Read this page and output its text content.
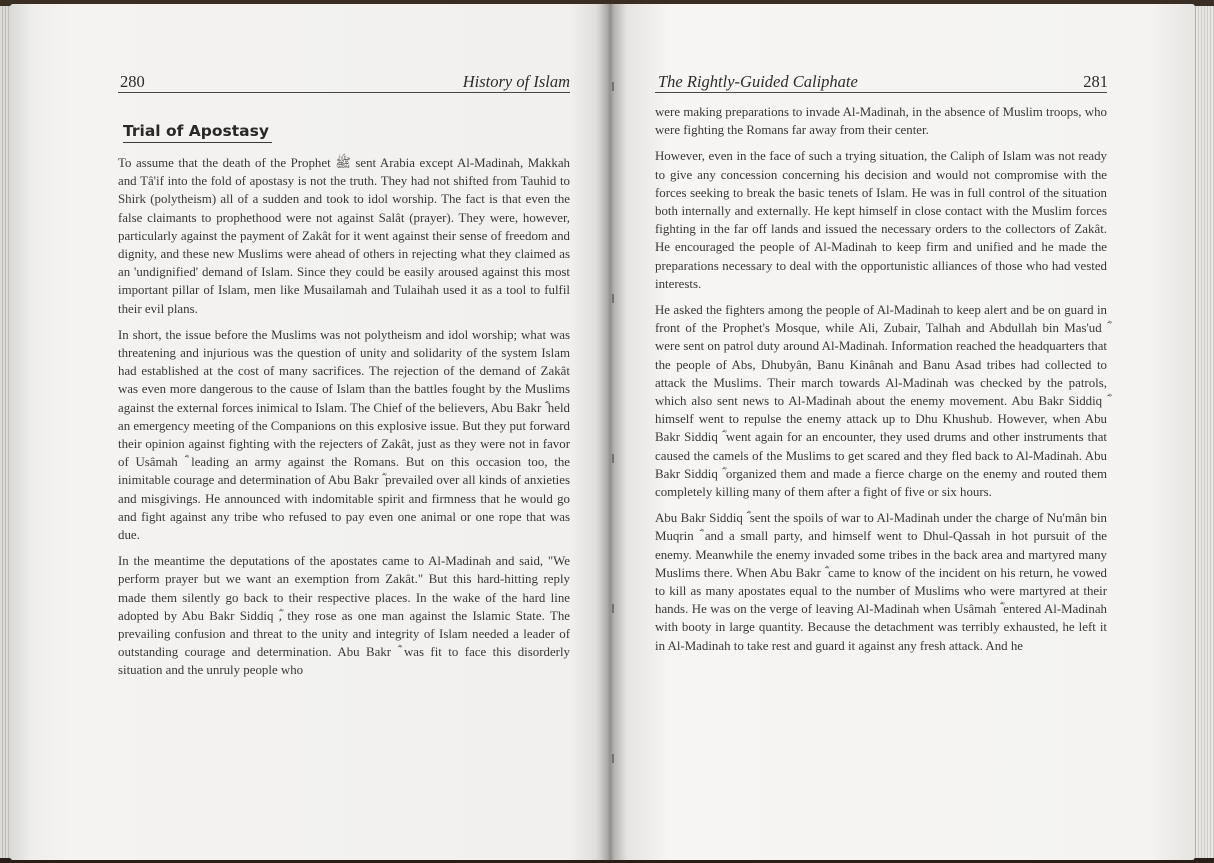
280	History of Islam
Trial of Apostasy

To assume that the death of the Prophet ﷺ sent Arabia except Al-Madinah, Makkah and Tâ'if into the fold of apostasy is not the truth. They had not shifted from Tauhid to Shirk (polytheism) all of a sudden and took to idol worship. The fact is that even the false claimants to prophethood were not against Salât (prayer). They were, however, particularly against the payment of Zakât for it went against their sense of freedom and dignity, and these new Muslims were ahead of others in rejecting what they claimed as an 'undignified' demand of Islam. Since they could be easily aroused against this most important pillar of Islam, men like Musailamah and Tulaihah used it as a tool to fulfil their evil plans.

In short, the issue before the Muslims was not polytheism and idol worship; what was threatening and injurious was the question of unity and solidarity of the system Islam had established at the cost of many sacrifices. The rejection of the demand of Zakât was even more dangerous to the cause of Islam than the battles fought by the Muslims against the external forces inimical to Islam. The Chief of the believers, Abu Bakr ؓ held an emergency meeting of the Companions on this explosive issue. But they put forward their opinion against fighting with the rejecters of Zakât, just as they were not in favor of Usâmah ؓ leading an army against the Romans. But on this occasion too, the inimitable courage and determination of Abu Bakr ؓ prevailed over all kinds of anxieties and misgivings. He announced with indomitable spirit and firmness that he would go and fight against any tribe who refused to pay even one animal or one rope that was due.

In the meantime the deputations of the apostates came to Al-Madinah and said, "We perform prayer but we want an exemption from Zakât." But this hard-hitting reply made them silently go back to their respective places. In the wake of the hard line adopted by Abu Bakr Siddiq ؓ, they rose as one man against the Islamic State. The prevailing confusion and threat to the unity and integrity of Islam needed a leader of outstanding courage and determination. Abu Bakr ؓ was fit to face this disorderly situation and the unruly people who

The Rightly-Guided Caliphate	281

were making preparations to invade Al-Madinah, in the absence of Muslim troops, who were fighting the Romans far away from their center.

However, even in the face of such a trying situation, the Caliph of Islam was not ready to give any concession concerning his decision and would not compromise with the forces seeking to break the basic tenets of Islam. He was in full control of the situation both internally and externally. He kept himself in close contact with the Muslim forces fighting in the far off lands and issued the necessary orders to the collectors of Zakât. He encouraged the people of Al-Madinah to keep firm and unified and he made the preparations necessary to deal with the opportunistic alliances of those who had vested interests.

He asked the fighters among the people of Al-Madinah to keep alert and be on guard in front of the Prophet's Mosque, while Ali, Zubair, Talhah and Abdullah bin Mas'ud ؓ were sent on patrol duty around Al-Madinah. Information reached the headquarters that the people of Abs, Dhubyân, Banu Kinânah and Banu Asad tribes had collected to attack the Muslims. Their march towards Al-Madinah was checked by the patrols, which also sent news to Al-Madinah about the enemy movement. Abu Bakr Siddiq ؓ himself went to repulse the enemy attack up to Dhu Khushub. However, when Abu Bakr Siddiq ؓ went again for an encounter, they used drums and other instruments that caused the camels of the Muslims to get scared and they fled back to Al-Madinah. Abu Bakr Siddiq ؓ organized them and made a fierce charge on the enemy and routed them completely killing many of them after a fight of five or six hours.

Abu Bakr Siddiq ؓ sent the spoils of war to Al-Madinah under the charge of Nu'mân bin Muqrin ؓ and a small party, and himself went to Dhul-Qassah in hot pursuit of the enemy. Meanwhile the enemy invaded some tribes in the back area and martyred many Muslims there. When Abu Bakr ؓ came to know of the incident on his return, he vowed to kill as many apostates equal to the number of Muslims who were martyred at their hands. He was on the verge of leaving Al-Madinah when Usâmah ؓ entered Al-Madinah with booty in large quantity. Because the detachment was terribly exhausted, he left it in Al-Madinah to take rest and guard it against any fresh attack. And he
